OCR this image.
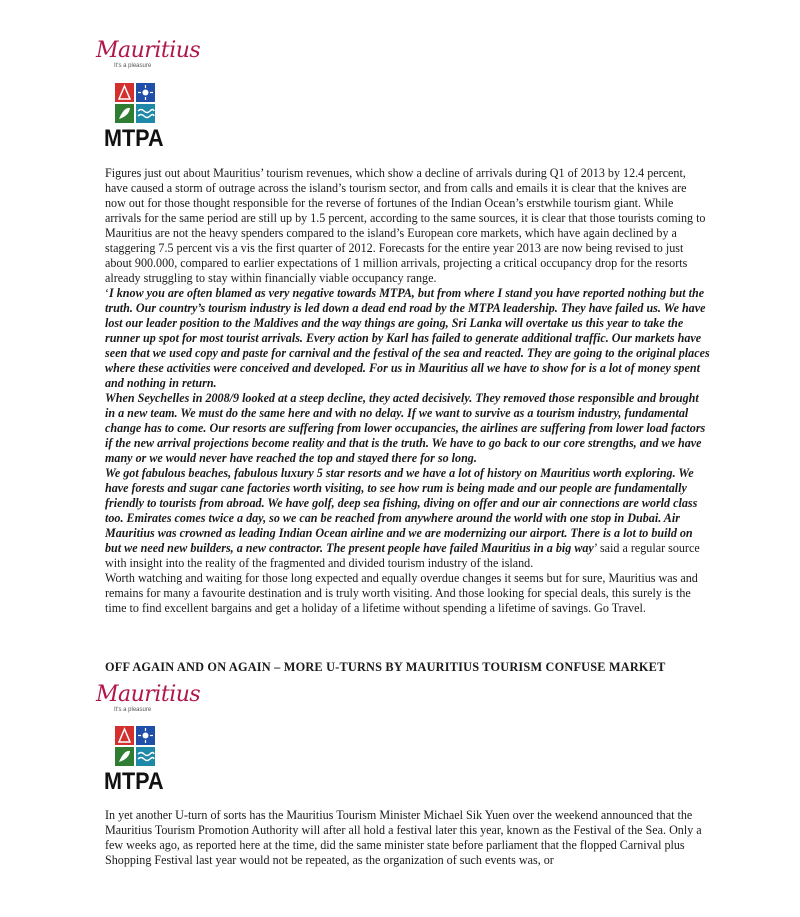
Mauritius
It's a pleasure
MTPA

Figures just out about Mauritius’ tourism revenues, which show a decline of arrivals during Q1 of 2013 by 12.4 percent, have caused a storm of outrage across the island’s tourism sector, and from calls and emails it is clear that the knives are now out for those thought responsible for the reverse of fortunes of the Indian Ocean’s erstwhile tourism giant. While arrivals for the same period are still up by 1.5 percent, according to the same sources, it is clear that those tourists coming to Mauritius are not the heavy spenders compared to the island’s European core markets, which have again declined by a staggering 7.5 percent vis a vis the first quarter of 2012. Forecasts for the entire year 2013 are now being revised to just about 900.000, compared to earlier expectations of 1 million arrivals, projecting a critical occupancy drop for the resorts already struggling to stay within financially viable occupancy range.

‘I know you are often blamed as very negative towards MTPA, but from where I stand you have reported nothing but the truth. Our country’s tourism industry is led down a dead end road by the MTPA leadership. They have failed us. We have lost our leader position to the Maldives and the way things are going, Sri Lanka will overtake us this year to take the runner up spot for most tourist arrivals. Every action by Karl has failed to generate additional traffic. Our markets have seen that we used copy and paste for carnival and the festival of the sea and reacted. They are going to the original places where these activities were conceived and developed. For us in Mauritius all we have to show for is a lot of money spent and nothing in return.

When Seychelles in 2008/9 looked at a steep decline, they acted decisively. They removed those responsible and brought in a new team. We must do the same here and with no delay. If we want to survive as a tourism industry, fundamental change has to come. Our resorts are suffering from lower occupancies, the airlines are suffering from lower load factors if the new arrival projections become reality and that is the truth. We have to go back to our core strengths, and we have many or we would never have reached the top and stayed there for so long.

We got fabulous beaches, fabulous luxury 5 star resorts and we have a lot of history on Mauritius worth exploring. We have forests and sugar cane factories worth visiting, to see how rum is being made and our people are fundamentally friendly to tourists from abroad. We have golf, deep sea fishing, diving on offer and our air connections are world class too. Emirates comes twice a day, so we can be reached from anywhere around the world with one stop in Dubai. Air Mauritius was crowned as leading Indian Ocean airline and we are modernizing our airport. There is a lot to build on but we need new builders, a new contractor. The present people have failed Mauritius in a big way’ said a regular source with insight into the reality of the fragmented and divided tourism industry of the island.

Worth watching and waiting for those long expected and equally overdue changes it seems but for sure, Mauritius was and remains for many a favourite destination and is truly worth visiting. And those looking for special deals, this surely is the time to find excellent bargains and get a holiday of a lifetime without spending a lifetime of savings. Go Travel.

OFF AGAIN AND ON AGAIN – MORE U-TURNS BY MAURITIUS TOURISM CONFUSE MARKET
Mauritius
It's a pleasure
MTPA

In yet another U-turn of sorts has the Mauritius Tourism Minister Michael Sik Yuen over the weekend announced that the Mauritius Tourism Promotion Authority will after all hold a festival later this year, known as the Festival of the Sea. Only a few weeks ago, as reported here at the time, did the same minister state before parliament that the flopped Carnival plus Shopping Festival last year would not be repeated, as the organization of such events was, or
